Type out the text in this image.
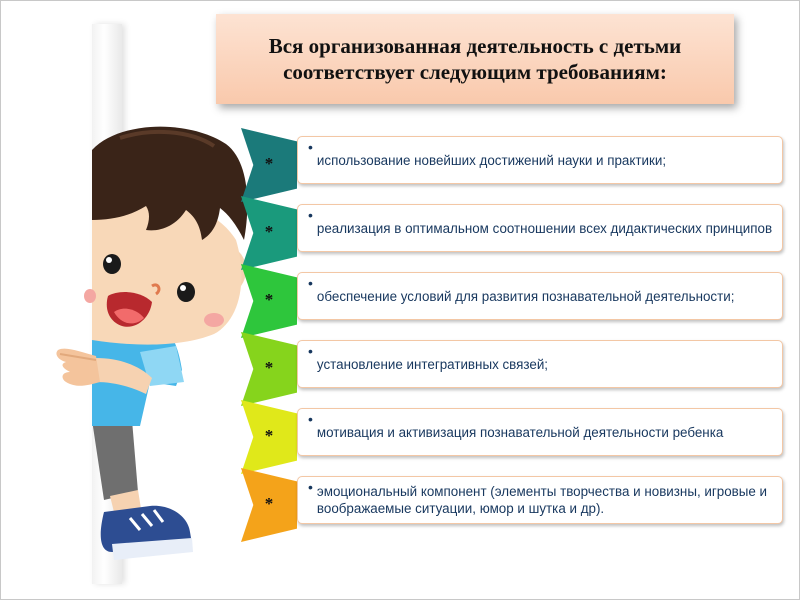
Вся организованная деятельность с детьми
соответствует следующим требованиям:
*
•
использование новейших достижений науки и практики;
*
•
реализация в оптимальном соотношении всех дидактических принципов
*
•
обеспечение условий для развития познавательной деятельности;
*
•
установление интегративных связей;
*
•
мотивация и активизация познавательной деятельности ребенка
*
• эмоциональный компонент (элементы творчества и новизны, игровые и воображаемые ситуации, юмор и шутка и др).
